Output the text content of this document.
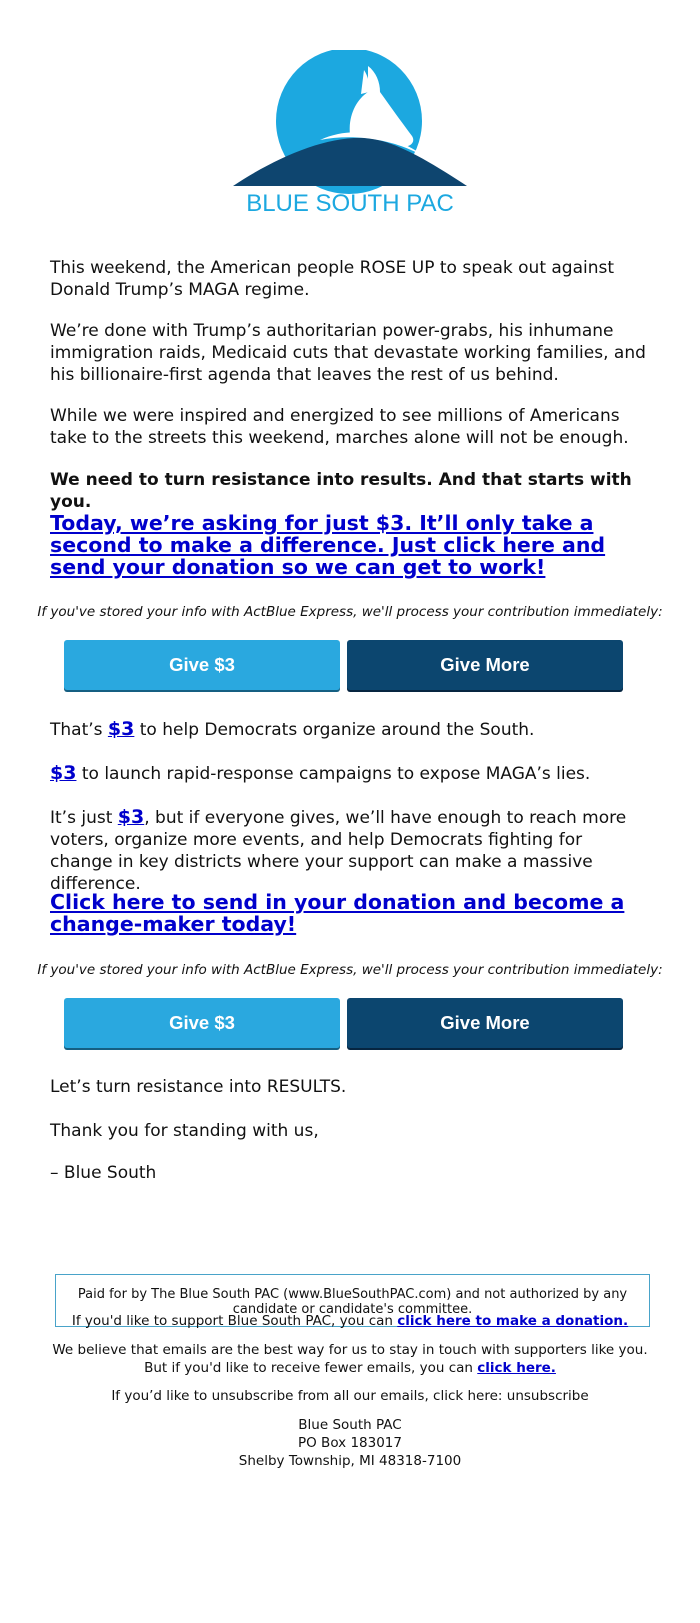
BLUE SOUTH PAC

This weekend, the American people ROSE UP to speak out against Donald Trump’s MAGA regime.

We’re done with Trump’s authoritarian power-grabs, his inhumane immigration raids, Medicaid cuts that devastate working families, and his billionaire-first agenda that leaves the rest of us behind.

While we were inspired and energized to see millions of Americans take to the streets this weekend, marches alone will not be enough.

We need to turn resistance into results. And that starts with you.

Today, we’re asking for just $3. It’ll only take a second to make a difference. Just click here and send your donation so we can get to work!

If you've stored your info with ActBlue Express, we'll process your contribution immediately:

Give $3	Give More

That’s $3 to help Democrats organize around the South.

$3 to launch rapid-response campaigns to expose MAGA’s lies.

It’s just $3, but if everyone gives, we’ll have enough to reach more voters, organize more events, and help Democrats fighting for change in key districts where your support can make a massive difference.

Click here to send in your donation and become a change-maker today!

If you've stored your info with ActBlue Express, we'll process your contribution immediately:

Give $3	Give More

Let’s turn resistance into RESULTS.

Thank you for standing with us,

– Blue South

Paid for by The Blue South PAC (www.BlueSouthPAC.com) and not authorized by any candidate or candidate's committee.

If you'd like to support Blue South PAC, you can click here to make a donation.

We believe that emails are the best way for us to stay in touch with supporters like you. But if you'd like to receive fewer emails, you can click here.

If you’d like to unsubscribe from all our emails, click here: unsubscribe

Blue South PAC
PO Box 183017
Shelby Township, MI 48318-7100
